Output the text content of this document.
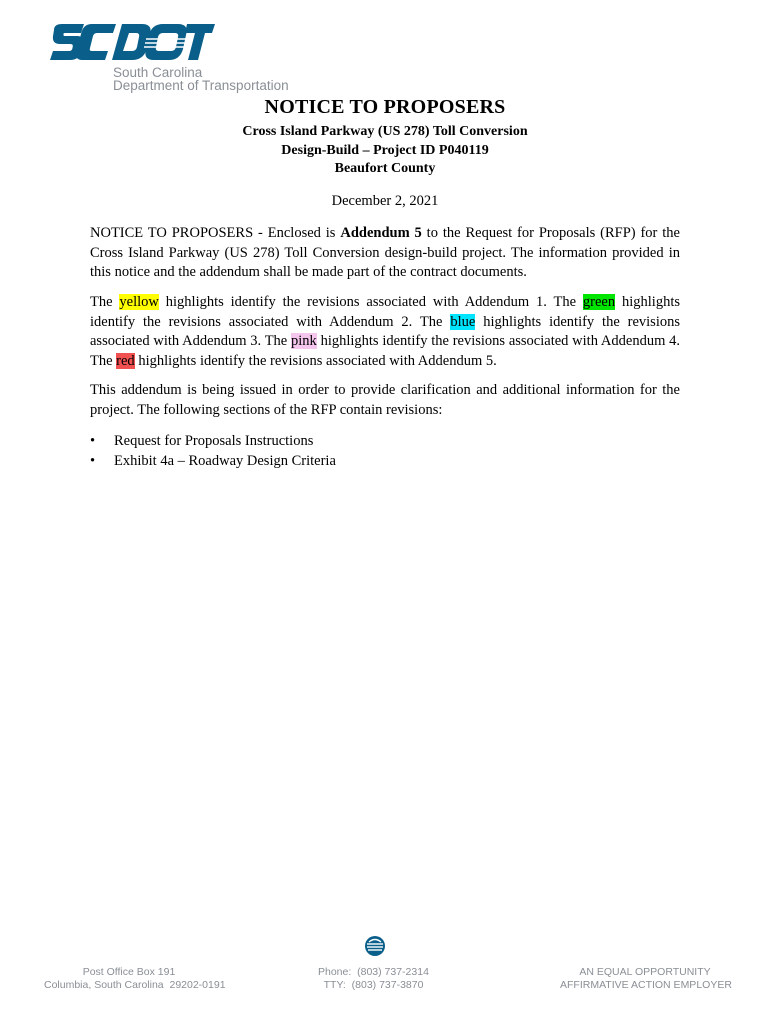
South Carolina
Department of Transportation
NOTICE TO PROPOSERS
Cross Island Parkway (US 278) Toll Conversion
Design-Build – Project ID P040119
Beaufort County
December 2, 2021
NOTICE TO PROPOSERS - Enclosed is Addendum 5 to the Request for Proposals (RFP) for the Cross Island Parkway (US 278) Toll Conversion design-build project. The information provided in this notice and the addendum shall be made part of the contract documents.
The yellow highlights identify the revisions associated with Addendum 1. The green highlights identify the revisions associated with Addendum 2. The blue highlights identify the revisions associated with Addendum 3. The pink highlights identify the revisions associated with Addendum 4. The red highlights identify the revisions associated with Addendum 5.
This addendum is being issued in order to provide clarification and additional information for the project. The following sections of the RFP contain revisions:
• Request for Proposals Instructions
• Exhibit 4a – Roadway Design Criteria
Post Office Box 191
Columbia, South Carolina  29202-0191
Phone:  (803) 737-2314
TTY:  (803) 737-3870
AN EQUAL OPPORTUNITY
AFFIRMATIVE ACTION EMPLOYER
